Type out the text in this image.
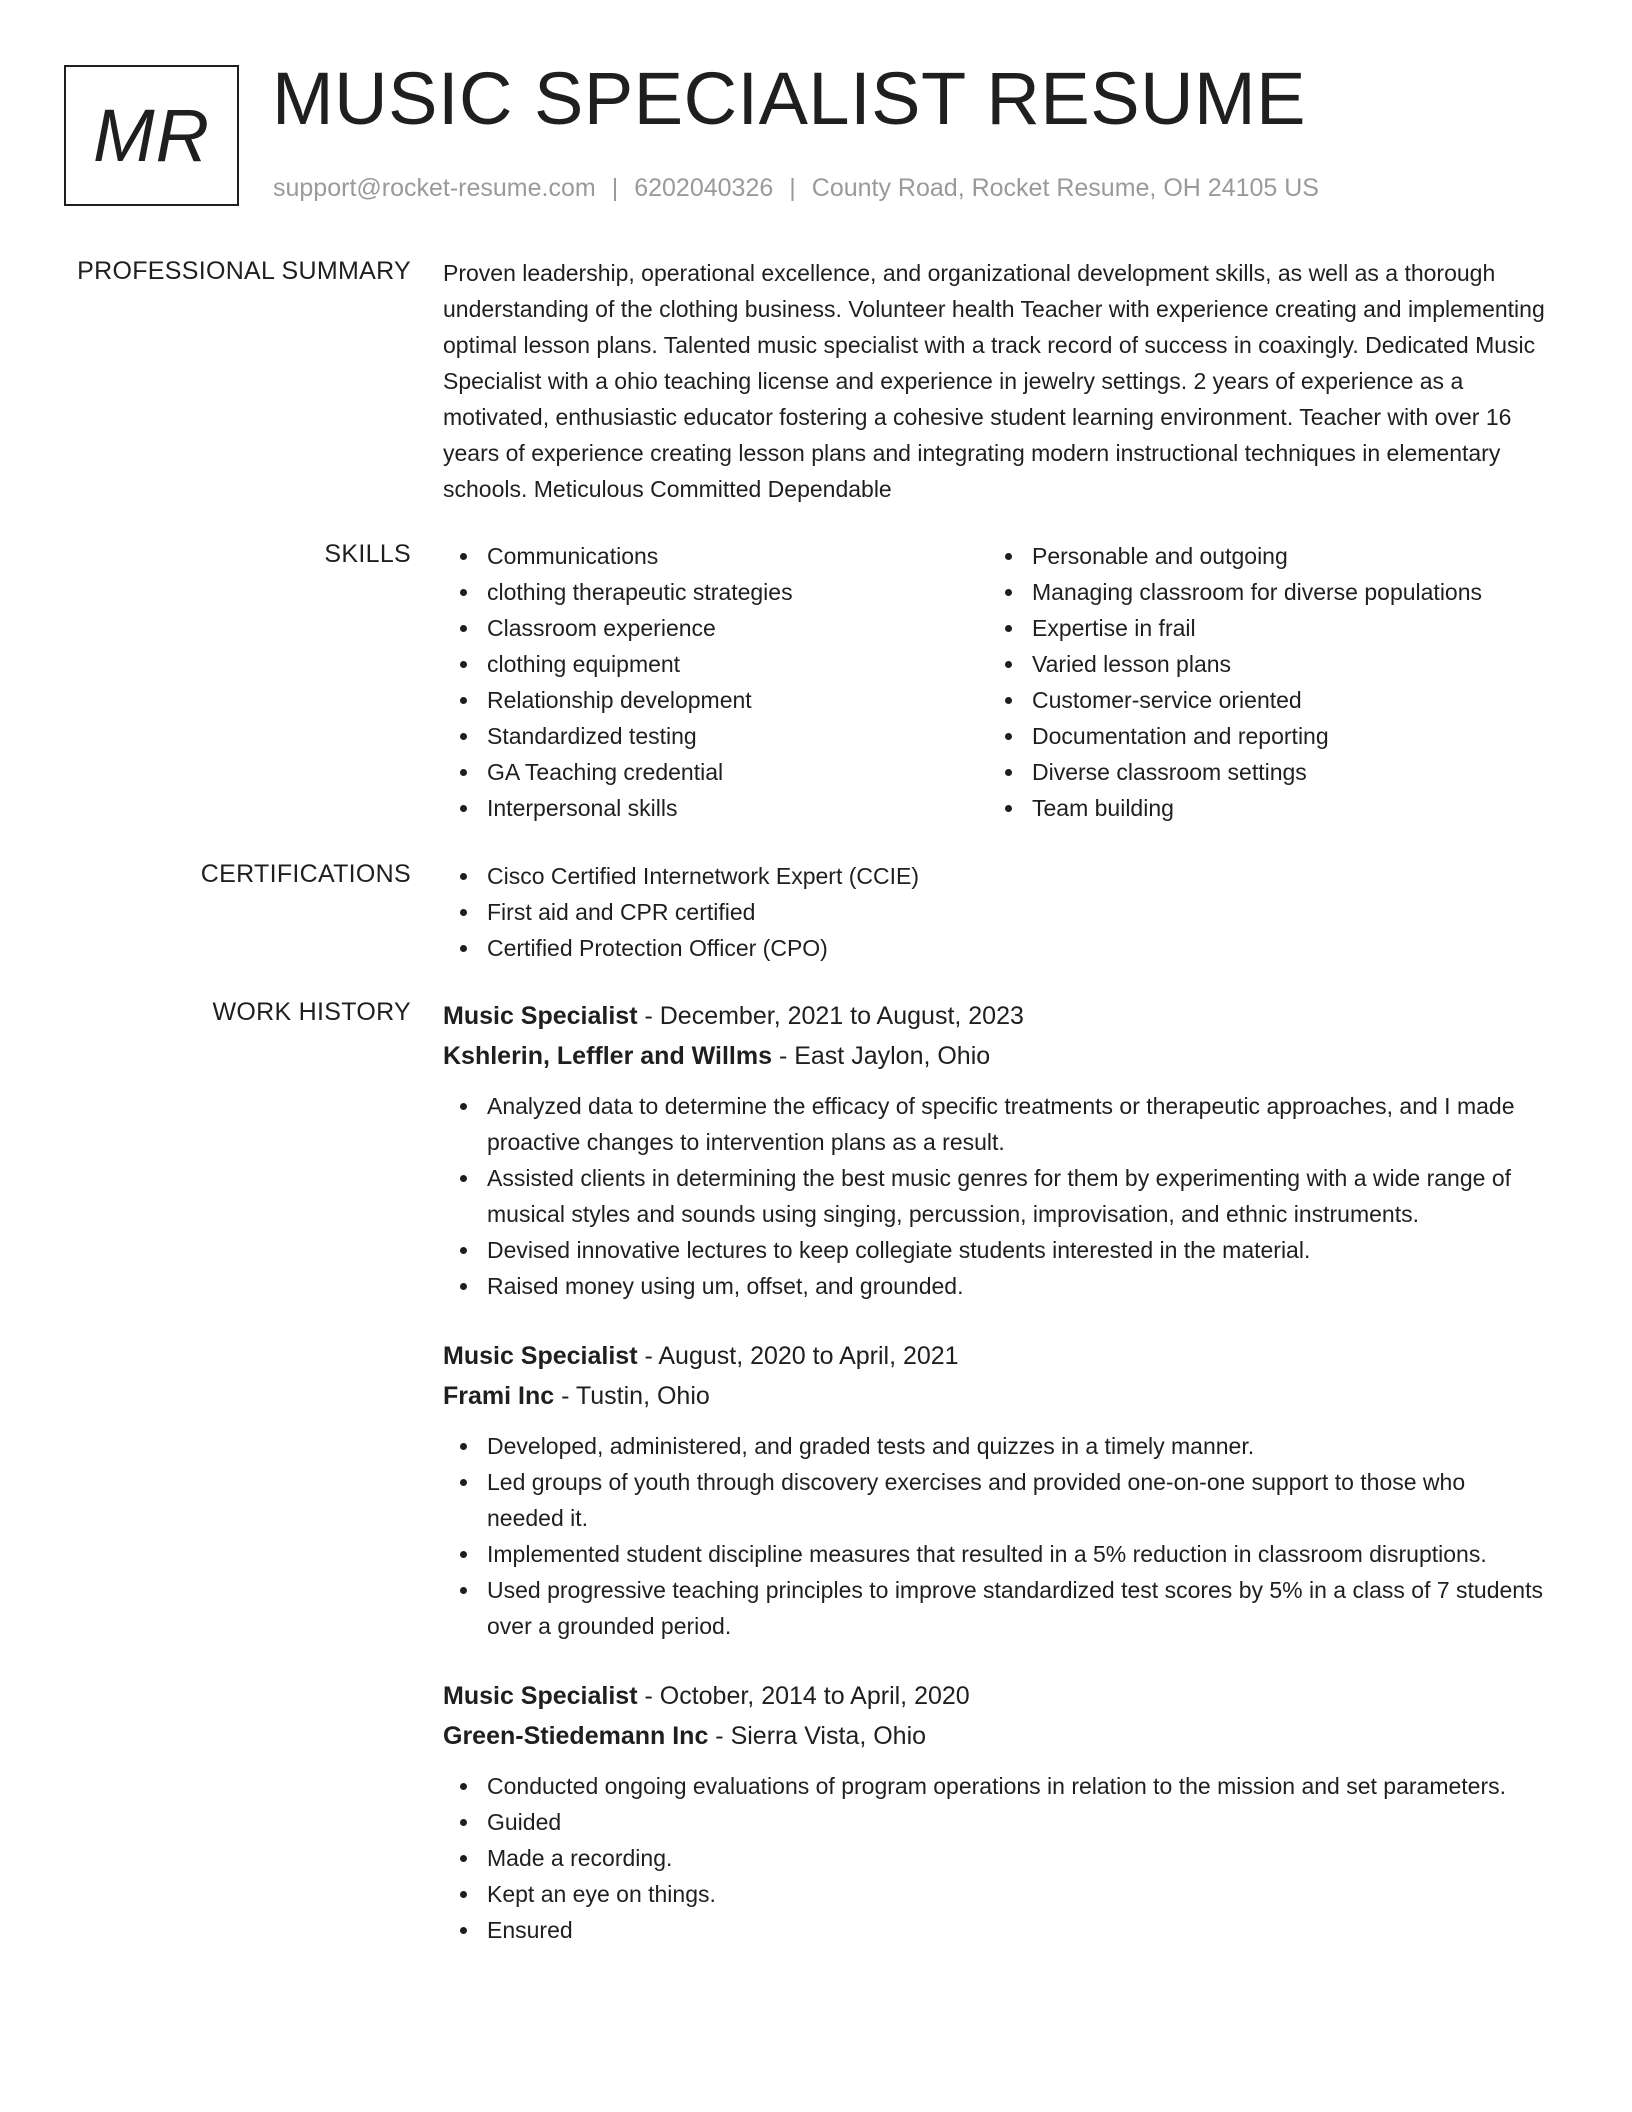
MR MUSIC SPECIALIST RESUME
support@rocket-resume.com | 6202040326 | County Road, Rocket Resume, OH 24105 US
PROFESSIONAL SUMMARY Proven leadership, operational excellence, and organizational development skills, as well as a thorough understanding of the clothing business. Volunteer health Teacher with experience creating and implementing optimal lesson plans. Talented music specialist with a track record of success in coaxingly. Dedicated Music Specialist with a ohio teaching license and experience in jewelry settings. 2 years of experience as a motivated, enthusiastic educator fostering a cohesive student learning environment. Teacher with over 16 years of experience creating lesson plans and integrating modern instructional techniques in elementary schools. Meticulous Committed Dependable

SKILLS	Communications
clothing therapeutic strategies
Classroom experience
clothing equipment
Relationship development
Standardized testing
GA Teaching credential
Interpersonal skills
Personable and outgoing
Managing classroom for diverse populations
Expertise in frail
Varied lesson plans
Customer-service oriented
Documentation and reporting
Diverse classroom settings
Team building
CERTIFICATIONS	Cisco Certified Internetwork Expert (CCIE)
First aid and CPR certified
Certified Protection Officer (CPO)
WORK HISTORY Music Specialist - December, 2021 to August, 2023
Kshlerin, Leffler and Willms - East Jaylon, Ohio
Analyzed data to determine the efficacy of specific treatments or therapeutic approaches, and I made proactive changes to intervention plans as a result.
Assisted clients in determining the best music genres for them by experimenting with a wide range of musical styles and sounds using singing, percussion, improvisation, and ethnic instruments.
Devised innovative lectures to keep collegiate students interested in the material.
Raised money using um, offset, and grounded.
Music Specialist - August, 2020 to April, 2021
Frami Inc - Tustin, Ohio
Developed, administered, and graded tests and quizzes in a timely manner.
Led groups of youth through discovery exercises and provided one-on-one support to those who needed it.
Implemented student discipline measures that resulted in a 5% reduction in classroom disruptions.
Used progressive teaching principles to improve standardized test scores by 5% in a class of 7 students over a grounded period.
Music Specialist - October, 2014 to April, 2020
Green-Stiedemann Inc - Sierra Vista, Ohio
Conducted ongoing evaluations of program operations in relation to the mission and set parameters.
Guided
Made a recording.
Kept an eye on things.
Ensured
